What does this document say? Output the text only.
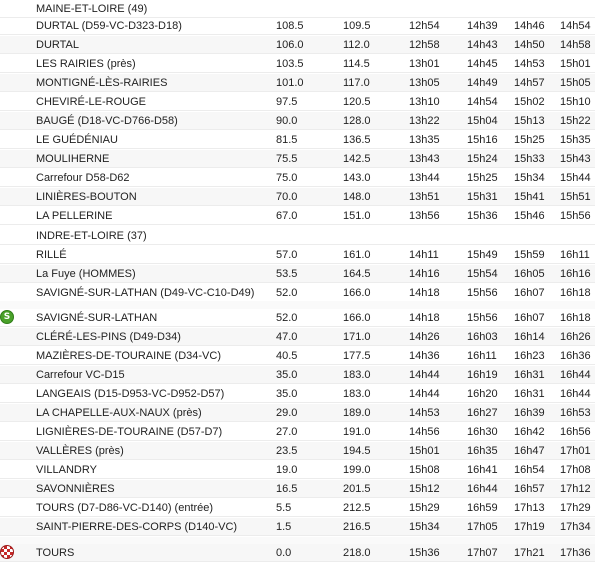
MAINE-ET-LOIRE (49)
DURTAL (D59-VC-D323-D18)	108.5	109.5	12h54	14h39	14h46	14h54
DURTAL	106.0	112.0	12h58	14h43	14h50	14h58
LES RAIRIES (près)	103.5	114.5	13h01	14h45	14h53	15h01
MONTIGNÉ-LÈS-RAIRIES	101.0	117.0	13h05	14h49	14h57	15h05
CHEVIRÉ-LE-ROUGE	97.5	120.5	13h10	14h54	15h02	15h10
BAUGÉ (D18-VC-D766-D58)	90.0	128.0	13h22	15h04	15h13	15h22
LE GUÉDÉNIAU	81.5	136.5	13h35	15h16	15h25	15h35
MOULIHERNE	75.5	142.5	13h43	15h24	15h33	15h43
Carrefour D58-D62	75.0	143.0	13h44	15h25	15h34	15h44
LINIÈRES-BOUTON	70.0	148.0	13h51	15h31	15h41	15h51
LA PELLERINE	67.0	151.0	13h56	15h36	15h46	15h56
INDRE-ET-LOIRE (37)
RILLÉ	57.0	161.0	14h11	15h49	15h59	16h11
La Fuye (HOMMES)	53.5	164.5	14h16	15h54	16h05	16h16
SAVIGNÉ-SUR-LATHAN (D49-VC-C10-D49)	52.0	166.0	14h18	15h56	16h07	16h18
S
SAVIGNÉ-SUR-LATHAN	52.0	166.0	14h18	15h56	16h07	16h18
CLÉRÉ-LES-PINS (D49-D34)	47.0	171.0	14h26	16h03	16h14	16h26
MAZIÈRES-DE-TOURAINE (D34-VC)	40.5	177.5	14h36	16h11	16h23	16h36
Carrefour VC-D15	35.0	183.0	14h44	16h19	16h31	16h44
LANGEAIS (D15-D953-VC-D952-D57)	35.0	183.0	14h44	16h20	16h31	16h44
LA CHAPELLE-AUX-NAUX (près)	29.0	189.0	14h53	16h27	16h39	16h53
LIGNIÈRES-DE-TOURAINE (D57-D7)	27.0	191.0	14h56	16h30	16h42	16h56
VALLÈRES (près)	23.5	194.5	15h01	16h35	16h47	17h01
VILLANDRY	19.0	199.0	15h08	16h41	16h54	17h08
SAVONNIÈRES	16.5	201.5	15h12	16h44	16h57	17h12
TOURS (D7-D86-VC-D140) (entrée)	5.5	212.5	15h29	16h59	17h13	17h29
SAINT-PIERRE-DES-CORPS (D140-VC)	1.5	216.5	15h34	17h05	17h19	17h34
TOURS	0.0	218.0	15h36	17h07	17h21	17h36
